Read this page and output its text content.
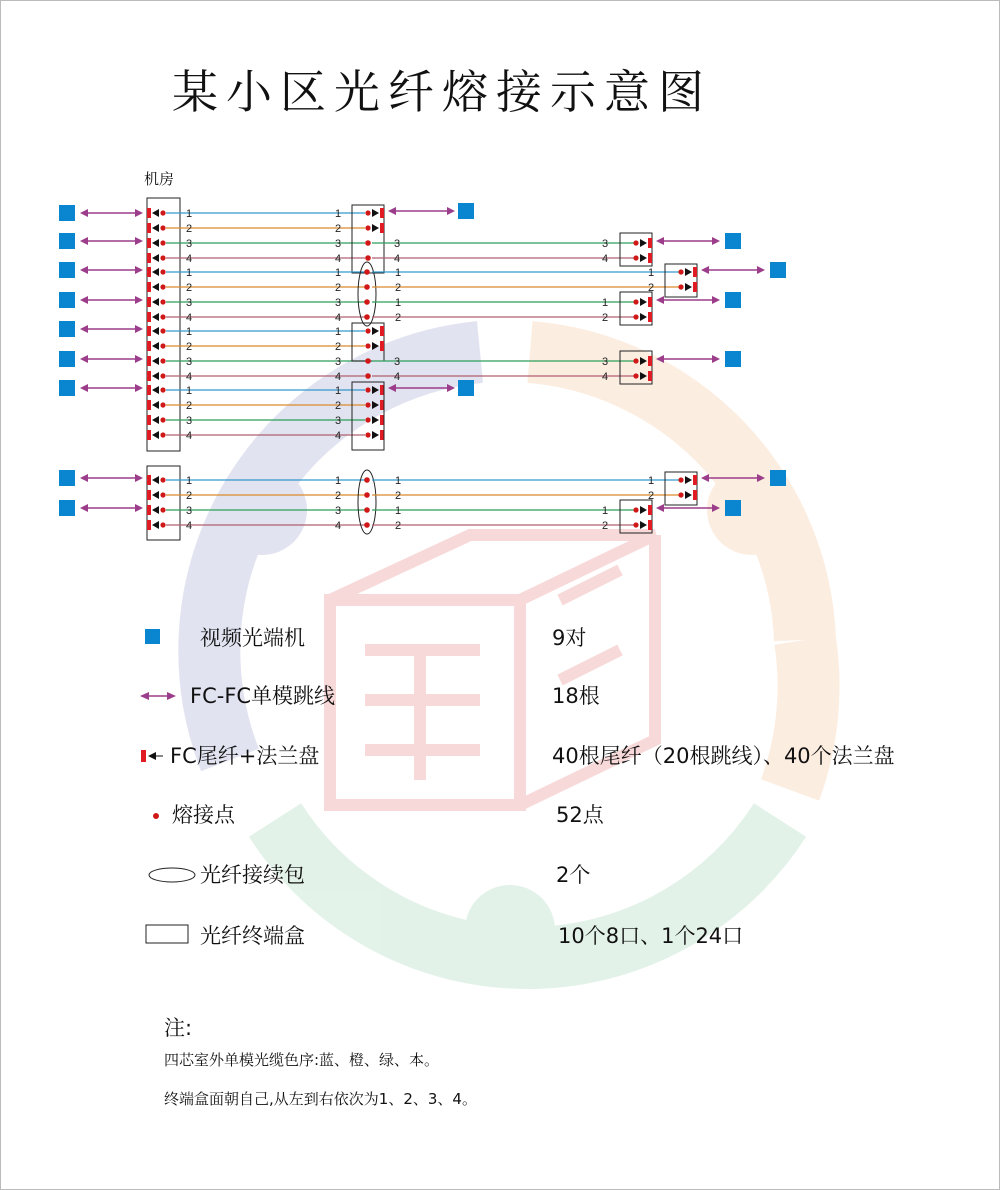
1	1
2	2
3	3
4	4
3
4
3
4
1	1
2	2
3	3
4	4
1
2
1
2
1
2
1
2
1	1
2	2
3	3
4	4
3
4
3
4
1	1
2	2
3	3
4	4
1	1
2	2
3	3
4	4
1
2
1
2
1
2
1
2
某小区光纤熔接示意图
机房
视频光端机	9对
FC-FC单模跳线	18根
FC尾纤+法兰盘	40根尾纤（20根跳线）、40个法兰盘
熔接点	52点
光纤接续包	2个
光纤终端盒	10个8口、1个24口
注:
四芯室外单模光缆色序:蓝、橙、绿、本。
终端盒面朝自己,从左到右依次为1、2、3、4。
